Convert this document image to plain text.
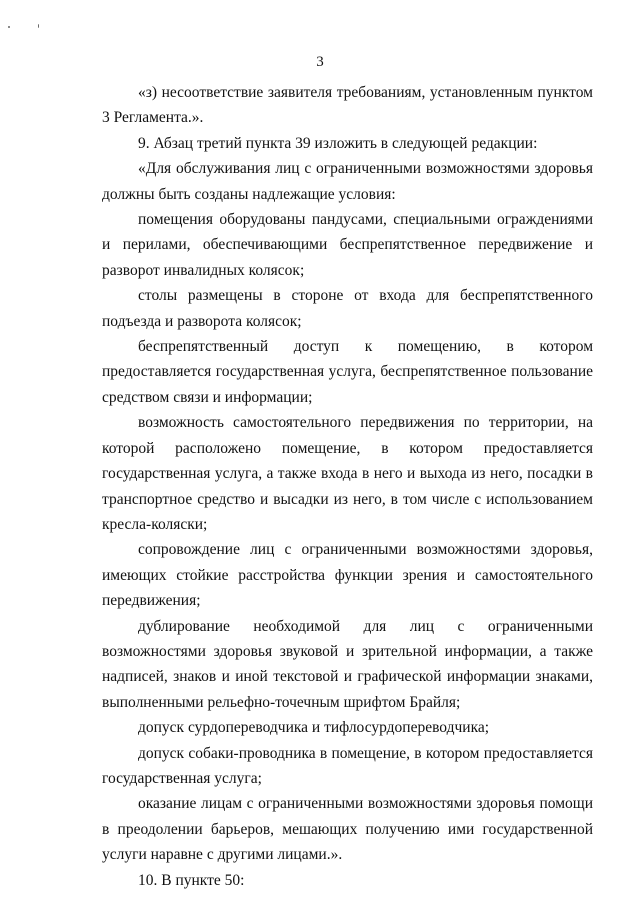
3

«з) несоответствие заявителя требованиям, установленным пунктом 3 Регламента.».

9. Абзац третий пункта 39 изложить в следующей редакции:

«Для обслуживания лиц с ограниченными возможностями здоровья должны быть созданы надлежащие условия:

помещения оборудованы пандусами, специальными ограждениями и перилами, обеспечивающими беспрепятственное передвижение и разворот инвалидных колясок;

столы размещены в стороне от входа для беспрепятственного подъезда и разворота колясок;

беспрепятственный доступ к помещению, в котором предоставляется государственная услуга, беспрепятственное пользование средством связи и информации;

возможность самостоятельного передвижения по территории, на которой расположено помещение, в котором предоставляется государственная услуга, а также входа в него и выхода из него, посадки в транспортное средство и высадки из него, в том числе с использованием кресла-коляски;

сопровождение лиц с ограниченными возможностями здоровья, имеющих стойкие расстройства функции зрения и самостоятельного передвижения;

дублирование необходимой для лиц с ограниченными возможностями здоровья звуковой и зрительной информации, а также надписей, знаков и иной текстовой и графической информации знаками, выполненными рельефно-точечным шрифтом Брайля;

допуск сурдопереводчика и тифлосурдопереводчика;

допуск собаки-проводника в помещение, в котором предоставляется государственная услуга;

оказание лицам с ограниченными возможностями здоровья помощи в преодолении барьеров, мешающих получению ими государственной услуги наравне с другими лицами.».

10. В пункте 50:
